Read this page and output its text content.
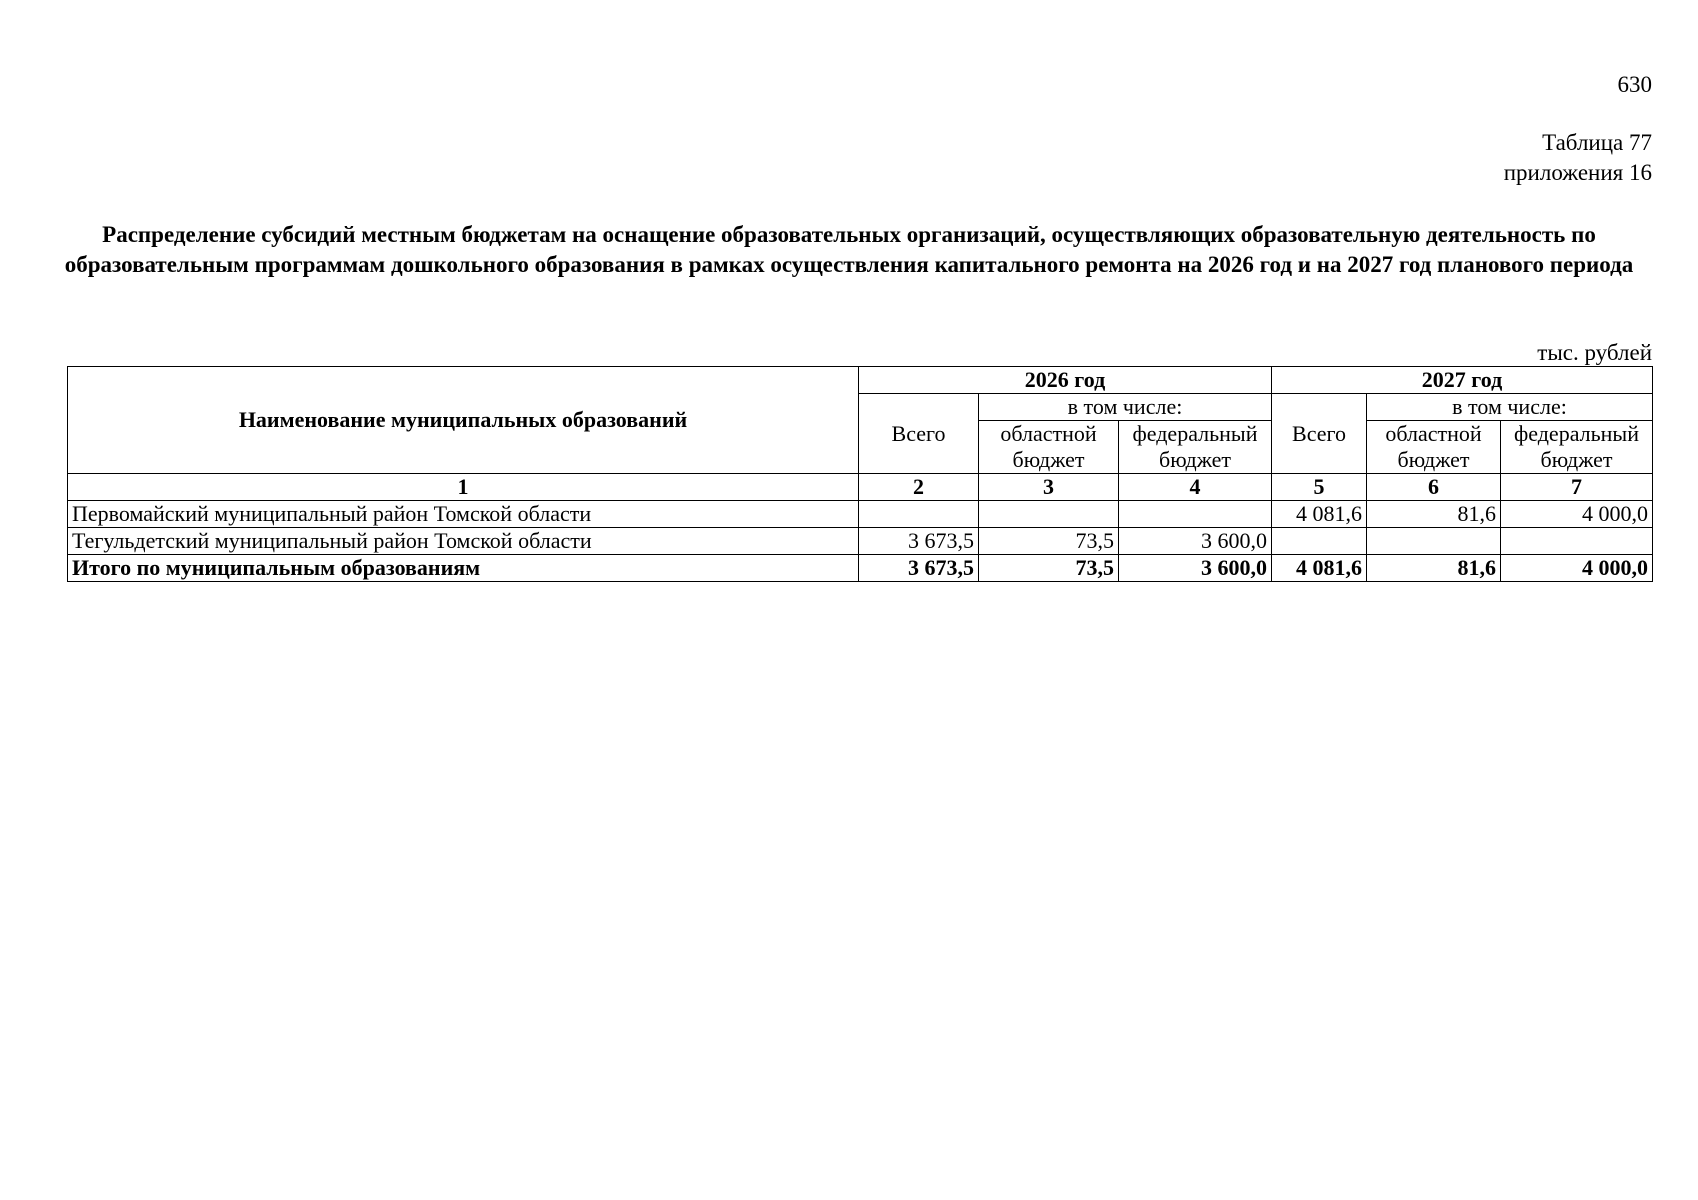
630
Таблица 77
приложения 16
Распределение субсидий местным бюджетам на оснащение образовательных организаций, осуществляющих образовательную деятельность по образовательным программам дошкольного образования в рамках осуществления капитального ремонта на 2026 год и на 2027 год планового периода
тыс. рублей
Наименование муниципальных образований	2026 год			2027 год		
	Всего	в том числе:		Всего	в том числе:	
		областной	федеральный		областной	федеральный
		бюджет	бюджет		бюджет	бюджет
1	2	3	4	5	6	7
Первомайский муниципальный район Томской области				4 081,6	81,6	4 000,0
Тегульдетский муниципальный район Томской области	3 673,5	73,5	3 600,0			
Итого по муниципальным образованиям	3 673,5	73,5	3 600,0	4 081,6	81,6	4 000,0
